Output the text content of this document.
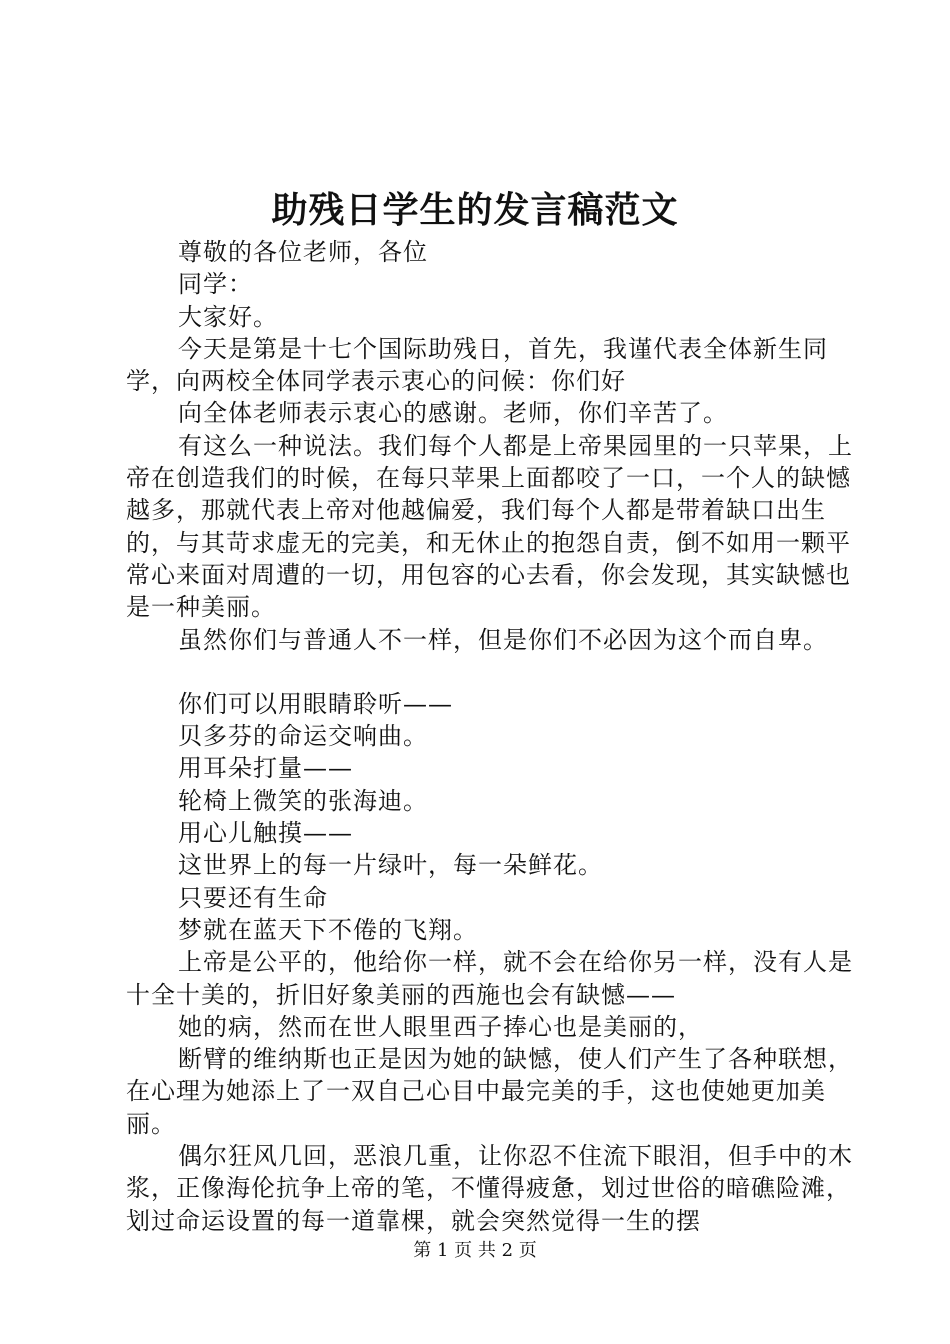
助残日学生的发言稿范文

尊敬的各位老师，各位

同学：

大家好。

今天是第是十七个国际助残日，首先，我谨代表全体新生同学，向两校全体同学表示衷心的问候：你们好

向全体老师表示衷心的感谢。老师，你们辛苦了。

有这么一种说法。我们每个人都是上帝果园里的一只苹果，上帝在创造我们的时候，在每只苹果上面都咬了一口，一个人的缺憾越多，那就代表上帝对他越偏爱，我们每个人都是带着缺口出生的，与其苛求虚无的完美，和无休止的抱怨自责，倒不如用一颗平常心来面对周遭的一切，用包容的心去看，你会发现，其实缺憾也是一种美丽。

虽然你们与普通人不一样，但是你们不必因为这个而自卑。

你们可以用眼睛聆听——

贝多芬的命运交响曲。

用耳朵打量——

轮椅上微笑的张海迪。

用心儿触摸——

这世界上的每一片绿叶，每一朵鲜花。

只要还有生命

梦就在蓝天下不倦的飞翔。

上帝是公平的，他给你一样，就不会在给你另一样，没有人是十全十美的，折旧好象美丽的西施也会有缺憾——

她的病，然而在世人眼里西子捧心也是美丽的，

断臂的维纳斯也正是因为她的缺憾，使人们产生了各种联想，在心理为她添上了一双自己心目中最完美的手，这也使她更加美丽。

偶尔狂风几回，恶浪几重，让你忍不住流下眼泪，但手中的木浆，正像海伦抗争上帝的笔，不懂得疲惫，划过世俗的暗礁险滩，划过命运设置的每一道靠棵，就会突然觉得一生的摆

第 1 页 共 2 页
